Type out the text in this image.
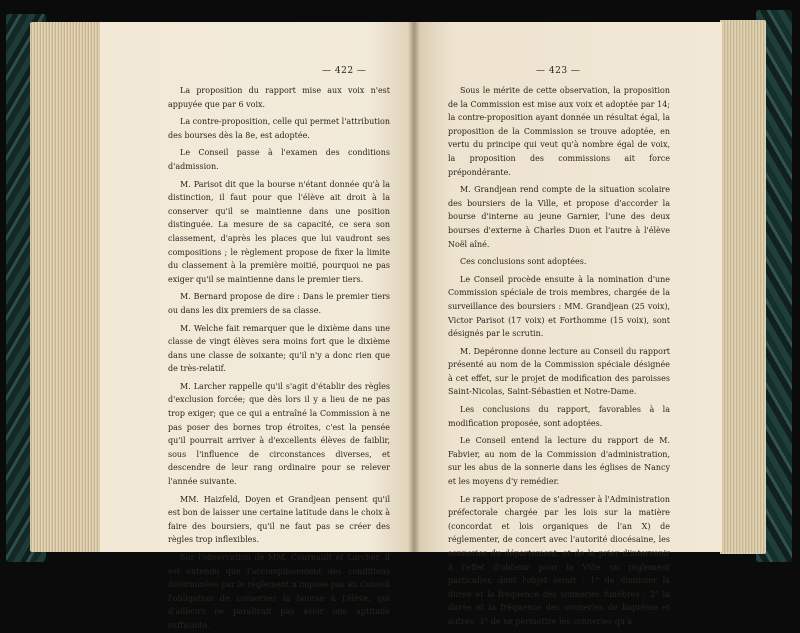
— 422 —

La proposition du rapport mise aux voix n'est appuyée que par 6 voix.

La contre-proposition, celle qui permet l'attribution des bourses dès la 8e, est adoptée.

Le Conseil passe à l'examen des conditions d'admission.

M. Parisot dit que la bourse n'étant donnée qu'à la distinction, il faut pour que l'élève ait droit à la conserver qu'il se maintienne dans une position distinguée. La mesure de sa capacité, ce sera son classement, d'après les places que lui vaudront ses compositions ; le règlement propose de fixer la limite du classement à la première moitié, pourquoi ne pas exiger qu'il se maintienne dans le premier tiers.

M. Bernard propose de dire : Dans le premier tiers ou dans les dix premiers de sa classe.

M. Welche fait remarquer que le dixième dans une classe de vingt élèves sera moins fort que le dixième dans une classe de soixante; qu'il n'y a donc rien que de très-relatif.

M. Larcher rappelle qu'il s'agit d'établir des règles d'exclusion forcée; que dès lors il y a lieu de ne pas trop exiger; que ce qui a entraîné la Commission à ne pas poser des bornes trop étroites, c'est la pensée qu'il pourrait arriver à d'excellents élèves de faiblir, sous l'influence de circonstances diverses, et descendre de leur rang ordinaire pour se relever l'année suivante.

MM. Haizfeld, Doyen et Grandjean pensent qu'il est bon de laisser une certaine latitude dans le choix à faire des boursiers, qu'il ne faut pas se créer des règles trop inflexibles.

Sur l'observation de MM. Cournault et Larcher, il est entendu que l'accomplissement des conditions déterminées par le règlement n'impose pas au Conseil l'obligation de conserver la bourse à l'élève, qui d'ailleurs ne paraîtrait pas avoir une aptitude suffisante.

— 423 —

Sous le mérite de cette observation, la proposition de la Commission est mise aux voix et adoptée par 14; la contre-proposition ayant donnée un résultat égal, la proposition de la Commission se trouve adoptée, en vertu du principe qui veut qu'à nombre égal de voix, la proposition des commissions ait force prépondérante.

M. Grandjean rend compte de la situation scolaire des boursiers de la Ville, et propose d'accorder la bourse d'interne au jeune Garnier, l'une des deux bourses d'externe à Charles Duon et l'autre à l'élève Noël aîné.

Ces conclusions sont adoptées.

Le Conseil procède ensuite à la nomination d'une Commission spéciale de trois membres, chargée de la surveillance des boursiers : MM. Grandjean (25 voix), Victor Parisot (17 voix) et Forthomme (15 voix), sont désignés par le scrutin.

M. Depéronne donne lecture au Conseil du rapport présenté au nom de la Commission spéciale désignée à cet effet, sur le projet de modification des paroisses Saint-Nicolas, Saint-Sébastien et Notre-Dame.

Les conclusions du rapport, favorables à la modification proposée, sont adoptées.

Le Conseil entend la lecture du rapport de M. Fabvier, au nom de la Commission d'administration, sur les abus de la sonnerie dans les églises de Nancy et les moyens d'y remédier.

Le rapport propose de s'adresser à l'Administration préfectorale chargée par les lois sur la matière (concordat et lois organiques de l'an X) de réglementer, de concert avec l'autorité diocésaine, les sonneries du département, et de la prier d'intervenir à l'effet d'obtenir pour la Ville un règlement particulier, dont l'objet serait : 1° de diminuer la durée et la fréquence des sonneries funèbres ; 2° la durée et la fréquence des sonneries de baptême et autres; 3° de ne permettre les sonneries qu'à
